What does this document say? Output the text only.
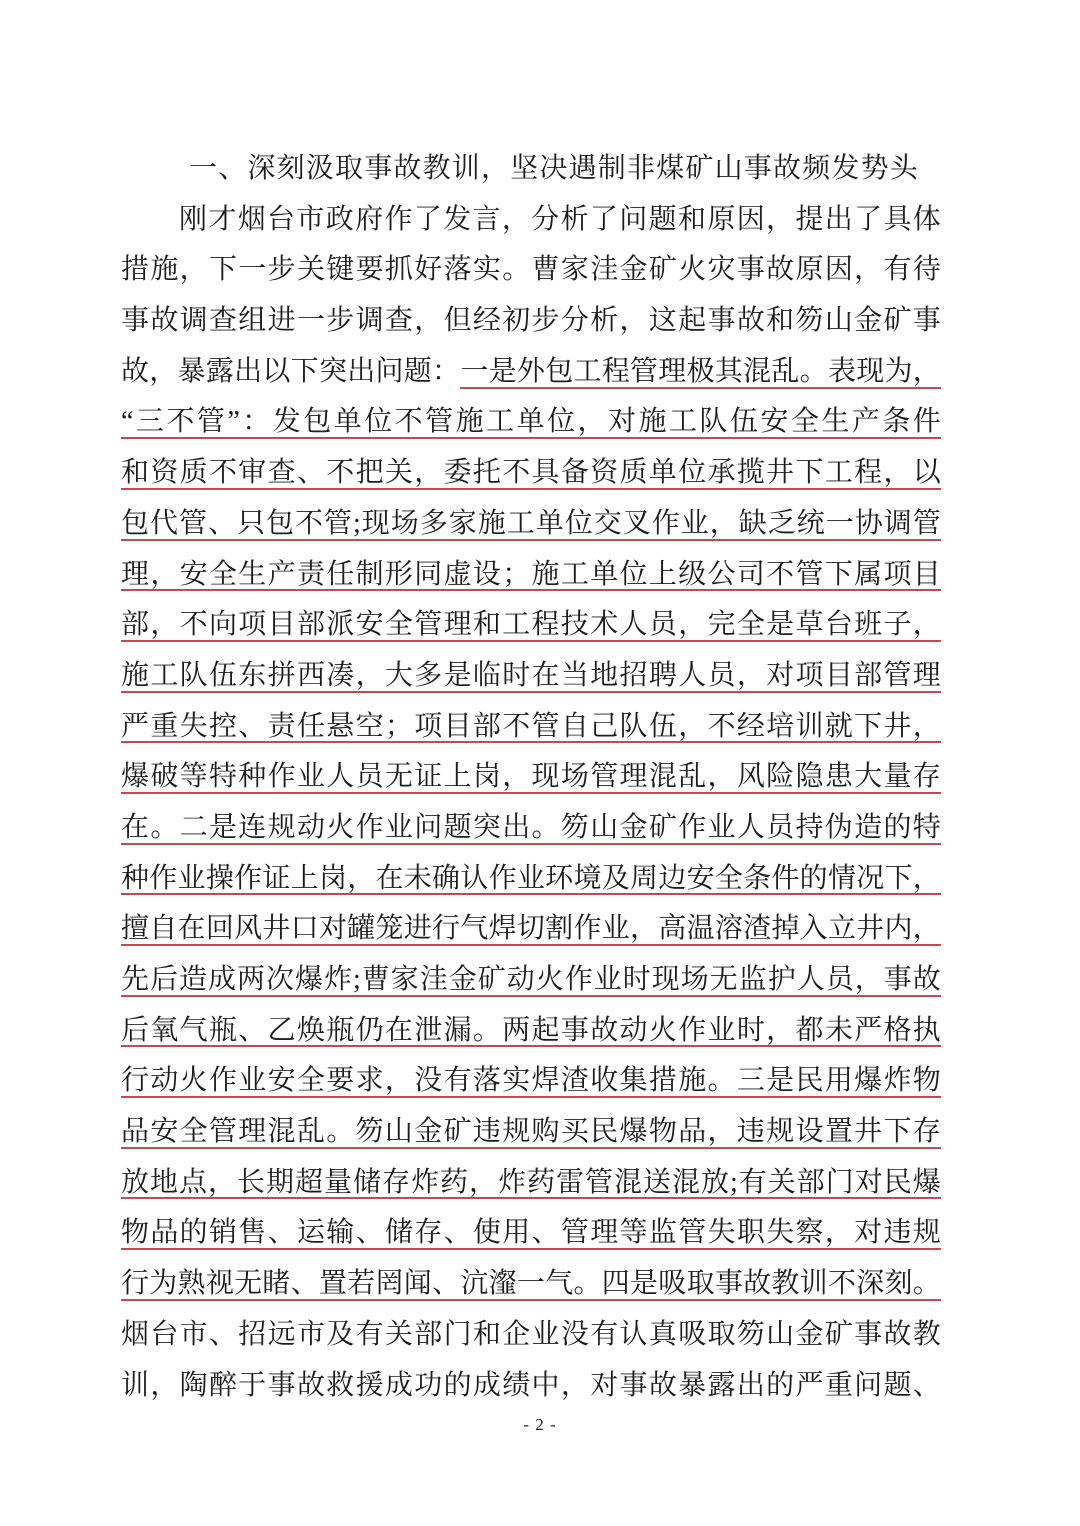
一、深刻汲取事故教训，坚决遇制非煤矿山事故频发势头
刚才烟台市政府作了发言，分析了问题和原因，提出了具体
措施，下一步关键要抓好落实。曹家洼金矿火灾事故原因，有待
事故调查组进一步调查，但经初步分析，这起事故和笏山金矿事
故，暴露出以下突出问题：一是外包工程管理极其混乱。表现为，
“三不管”：发包单位不管施工单位，对施工队伍安全生产条件
和资质不审查、不把关，委托不具备资质单位承揽井下工程，以
包代管、只包不管;现场多家施工单位交叉作业，缺乏统一协调管
理，安全生产责任制形同虚设；施工单位上级公司不管下属项目
部，不向项目部派安全管理和工程技术人员，完全是草台班子，
施工队伍东拼西凑，大多是临时在当地招聘人员，对项目部管理
严重失控、责任悬空；项目部不管自己队伍，不经培训就下井，
爆破等特种作业人员无证上岗，现场管理混乱，风险隐患大量存
在。二是连规动火作业问题突出。笏山金矿作业人员持伪造的特
种作业操作证上岗，在未确认作业环境及周边安全条件的情况下，
擅自在回风井口对罐笼进行气焊切割作业，高温溶渣掉入立井内，
先后造成两次爆炸;曹家洼金矿动火作业时现场无监护人员，事故
后氧气瓶、乙焕瓶仍在泄漏。两起事故动火作业时，都未严格执
行动火作业安全要求，没有落实焊渣收集措施。三是民用爆炸物
品安全管理混乱。笏山金矿违规购买民爆物品，违规设置井下存
放地点，长期超量储存炸药，炸药雷管混送混放;有关部门对民爆
物品的销售、运输、储存、使用、管理等监管失职失察，对违规
行为熟视无睹、置若罔闻、沆瀣一气。四是吸取事故教训不深刻。
烟台市、招远市及有关部门和企业没有认真吸取笏山金矿事故教
训，陶醉于事故救援成功的成绩中，对事故暴露出的严重问题、
- 2 -
